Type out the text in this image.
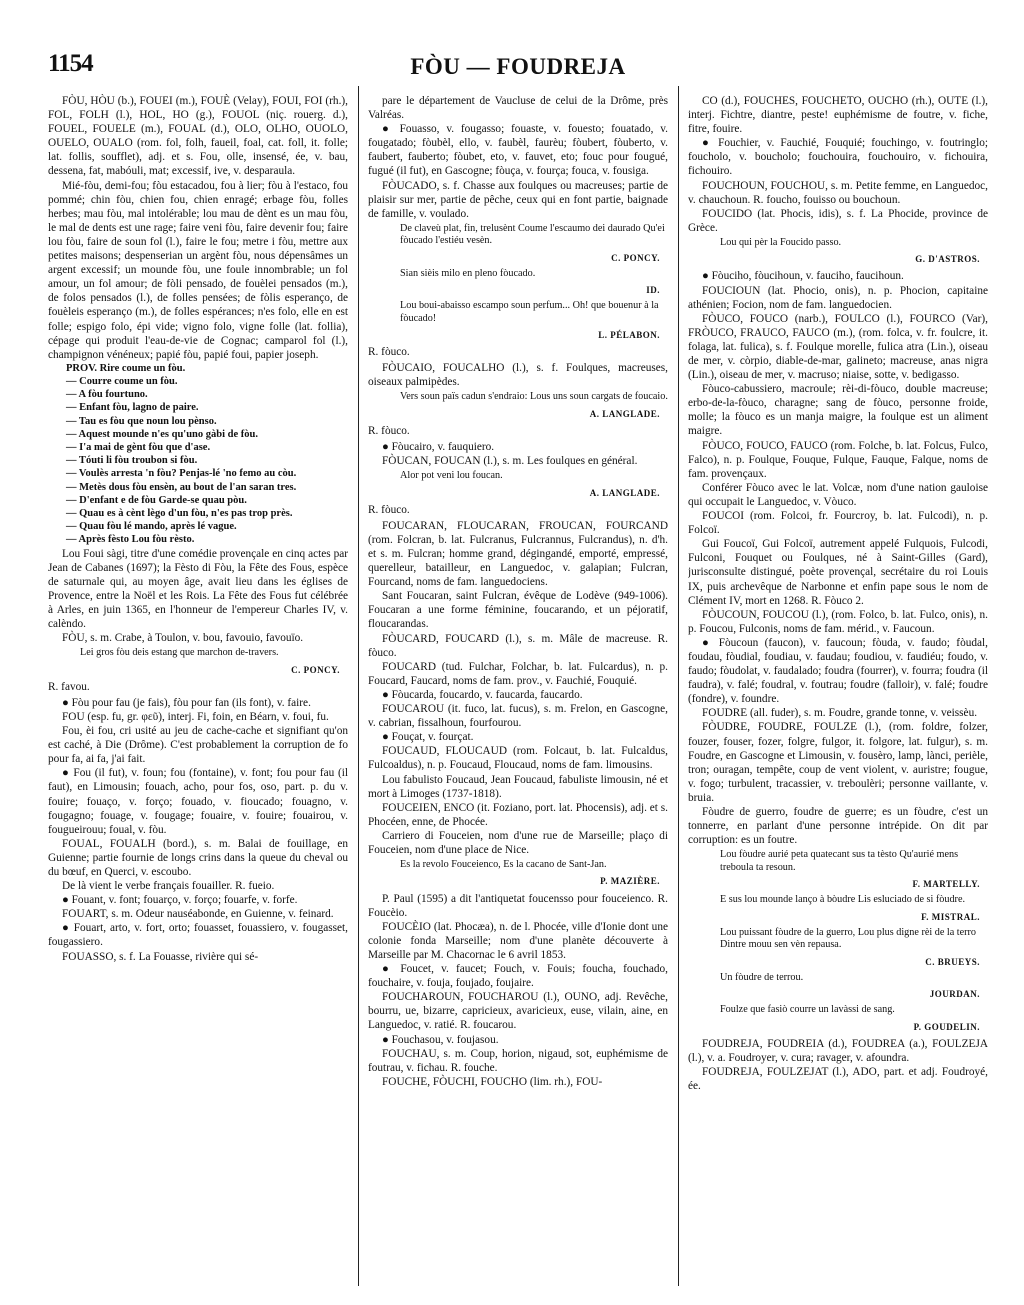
1154	FÒU — FOUDREJA

FÒU, HÒU (b.), FOUEI (m.), FOUÈ (Velay), FOUI, FOI (rh.), FOL, FOLH (l.), HOL, HO (g.), FOUOL (niç. rouerg. d.), FOUEL, FOUELE (m.), FOUAL (d.), OLO, OLHO, OUOLO, OUELO, OUALO (rom. fol, folh, faueil, foal, cat. foll, it. folle; lat. follis, soufflet), adj. et s. Fou, olle, insensé, ée, v. bau, dessena, fat, mabóuli, mat; excessif, ive, v. desparaula.

Mié-fòu, demi-fou; fòu estacadou, fou à lier; fòu à l'estaco, fou pommé; chin fòu, chien fou, chien enragé; erbage fòu, folles herbes; mau fòu, mal intolérable; lou mau de dènt es un mau fòu, le mal de dents est une rage; faire veni fòu, faire devenir fou; faire lou fòu, faire de soun fol (l.), faire le fou; metre i fòu, mettre aux petites maisons; despenserian un argènt fòu, nous dépensâmes un argent excessif; un mounde fòu, une foule innombrable; un fol amour, un fol amour; de fòli pensado, de fouèlei pensados (m.), de folos pensados (l.), de folles pensées; de fòlis esperanço, de fouèleis esperanço (m.), de folles espérances; n'es folo, elle en est folle; espigo folo, épi vide; vigno folo, vigne folle (lat. follia), cépage qui produit l'eau-de-vie de Cognac; camparol fol (l.), champignon vénéneux; papié fòu, papié foui, papier joseph.

PROV. Rire coume un fòu.

— Courre coume un fòu.

— A fòu fourtuno.

— Enfant fòu, lagno de paire.

— Tau es fòu que noun lou pènso.

— Aquest mounde n'es qu'uno gàbi de fòu.

— I'a mai de gènt fòu que d'ase.

— Tóuti li fòu troubon si fòu.

— Voulès arresta 'n fòu? Penjas-lé 'no femo au còu.

— Metès dous fòu ensèn, au bout de l'an saran tres.

— D'enfant e de fòu Garde-se quau pòu.

— Quau es à cènt lègo d'un fòu, n'es pas trop près.

— Quau fòu lé mando, après lé vague.

— Après fèsto Lou fòu rèsto.

Lou Foui sàgi, titre d'une comédie provençale en cinq actes par Jean de Cabanes (1697); la Fèsto di Fòu, la Fête des Fous, espèce de saturnale qui, au moyen âge, avait lieu dans les églises de Provence, entre la Noël et les Rois. La Fête des Fous fut célébrée à Arles, en juin 1365, en l'honneur de l'empereur Charles IV, v. calèndo.

FÒU, s. m. Crabe, à Toulon, v. bou, favouio, favouïo.

Lei gros fòu deis estang que marchon de-travers.

C. PONCY.

R. favou.

● Fòu pour fau (je fais), fòu pour fan (ils font), v. faire.

FOU (esp. fu, gr. φεῦ), interj. Fi, foin, en Béarn, v. foui, fu.

Fou, èi fou, cri usité au jeu de cache-cache et signifiant qu'on est caché, à Die (Drôme). C'est probablement la corruption de fo pour fa, ai fa, j'ai fait.

● Fou (il fut), v. foun; fou (fontaine), v. font; fou pour fau (il faut), en Limousin; fouach, acho, pour fos, oso, part. p. du v. fouire; fouaço, v. forço; fouado, v. fioucado; fouagno, v. fougagno; fouage, v. fougage; fouaire, v. fouire; fouairou, v. fougueirouu; foual, v. fòu.

FOUAL, FOUALH (bord.), s. m. Balai de fouillage, en Guienne; partie fournie de longs crins dans la queue du cheval ou du bœuf, en Querci, v. escoubo.

De là vient le verbe français fouailler. R. fueio.

● Fouant, v. font; fouarço, v. forço; fouarfe, v. forfe.

FOUART, s. m. Odeur nauséabonde, en Guienne, v. feinard.

● Fouart, arto, v. fort, orto; fouasset, fouassiero, v. fougasset, fougassiero.

FOUASSO, s. f. La Fouasse, rivière qui sé-

pare le département de Vaucluse de celui de la Drôme, près Valréas.

● Fouasso, v. fougasso; fouaste, v. fouesto; fouatado, v. fougatado; fòubèl, ello, v. faubèl, faurèu; fòubert, fòuberto, v. faubert, fauberto; fòubet, eto, v. fauvet, eto; fouc pour fougué, fugué (il fut), en Gascogne; fòuça, v. fourça; fouca, v. fousiga.

FÒUCADO, s. f. Chasse aux foulques ou macreuses; partie de plaisir sur mer, partie de pêche, ceux qui en font partie, baignade de famille, v. voulado.

De claveù plat, fin, trelusènt Coume l'escaumo dei daurado Qu'ei fòucado l'estiéu vesèn.

C. PONCY.

Sian sièis milo en pleno fòucado.

ID.

Lou boui-abaisso escampo soun perfum... Oh! que bouenur à la fòucado!

L. PÉLABON.

R. fòuco.

FÒUCAIO, FOUCALHO (l.), s. f. Foulques, macreuses, oiseaux palmipèdes.

Vers soun païs cadun s'endraio: Lous uns soun cargats de foucaio.

A. LANGLADE.

R. fòuco.

● Fòucairo, v. fauquiero.

FÒUCAN, FOUCAN (l.), s. m. Les foulques en général.

Alor pot veni lou foucan.

A. LANGLADE.

R. fòuco.

FOUCARAN, FLOUCARAN, FROUCAN, FOURCAND (rom. Folcran, b. lat. Fulcranus, Fulcrannus, Fulcrandus), n. d'h. et s. m. Fulcran; homme grand, dégingandé, emporté, empressé, querelleur, batailleur, en Languedoc, v. galapian; Fulcran, Fourcand, noms de fam. languedociens.

Sant Foucaran, saint Fulcran, évêque de Lodève (949-1006). Foucaran a une forme féminine, foucarando, et un péjoratif, floucarandas.

FÒUCARD, FOUCARD (l.), s. m. Mâle de macreuse. R. fòuco.

FOUCARD (tud. Fulchar, Folchar, b. lat. Fulcardus), n. p. Foucard, Faucard, noms de fam. prov., v. Fauchié, Fouquié.

● Fòucarda, foucardo, v. faucarda, faucardo.

FOUCAROU (it. fuco, lat. fucus), s. m. Frelon, en Gascogne, v. cabrian, fissalhoun, fourfourou.

● Fouçat, v. fourçat.

FOUCAUD, FLOUCAUD (rom. Folcaut, b. lat. Fulcaldus, Fulcoaldus), n. p. Foucaud, Floucaud, noms de fam. limousins.

Lou fabulisto Foucaud, Jean Foucaud, fabuliste limousin, né et mort à Limoges (1737-1818).

FOUCEIEN, ENCO (it. Foziano, port. lat. Phocensis), adj. et s. Phocéen, enne, de Phocée.

Carriero di Fouceien, nom d'une rue de Marseille; plaço di Fouceien, nom d'une place de Nice.

Es la revolo Fouceienco, Es la cacano de Sant-Jan.

P. MAZIÈRE.

P. Paul (1595) a dit l'antiquetat foucensso pour fouceienco. R. Foucèio.

FOUCÈIO (lat. Phocæa), n. de l. Phocée, ville d'Ionie dont une colonie fonda Marseille; nom d'une planète découverte à Marseille par M. Chacornac le 6 avril 1853.

● Foucet, v. faucet; Fouch, v. Fouis; foucha, fouchado, fouchaire, v. fouja, foujado, foujaire.

FOUCHAROUN, FOUCHAROU (l.), OUNO, adj. Revêche, bourru, ue, bizarre, capricieux, avaricieux, euse, vilain, aine, en Languedoc, v. ratié. R. foucarou.

● Fouchasou, v. foujasou.

FOUCHAU, s. m. Coup, horion, nigaud, sot, euphémisme de foutrau, v. fichau. R. fouche.

FOUCHE, FÒUCHI, FOUCHO (lim. rh.), FOU-

CO (d.), FOUCHES, FOUCHETO, OUCHO (rh.), OUTE (l.), interj. Fichtre, diantre, peste! euphémisme de foutre, v. fiche, fitre, fouire.

● Fouchier, v. Fauchié, Fouquié; fouchingo, v. foutringlo; foucholo, v. boucholo; fouchouira, fouchouiro, v. fichouira, fichouiro.

FOUCHOUN, FOUCHOU, s. m. Petite femme, en Languedoc, v. chauchoun. R. foucho, fouisso ou bouchoun.

FOUCIDO (lat. Phocis, idis), s. f. La Phocide, province de Grèce.

Lou qui pèr la Foucido passo.

G. D'ASTROS.

● Fòuciho, fòucihoun, v. fauciho, faucihoun.

FOUCIOUN (lat. Phocio, onis), n. p. Phocion, capitaine athénien; Focion, nom de fam. languedocien.

FÒUCO, FOUCO (narb.), FOULCO (l.), FOURCO (Var), FRÒUCO, FRAUCO, FAUCO (m.), (rom. folca, v. fr. foulcre, it. folaga, lat. fulica), s. f. Foulque morelle, fulica atra (Lin.), oiseau de mer, v. còrpio, diable-de-mar, galineto; macreuse, anas nigra (Lin.), oiseau de mer, v. macruso; niaise, sotte, v. bedigasso.

Fòuco-cabussiero, macroule; rèi-di-fòuco, double macreuse; erbo-de-la-fòuco, charagne; sang de fòuco, personne froide, molle; la fòuco es un manja maigre, la foulque est un aliment maigre.

FÒUCO, FOUCO, FAUCO (rom. Folche, b. lat. Folcus, Fulco, Falco), n. p. Foulque, Fouque, Fulque, Fauque, Falque, noms de fam. provençaux.

Conférer Fòuco avec le lat. Volcæ, nom d'une nation gauloise qui occupait le Languedoc, v. Vòuco.

FOUCOI (rom. Folcoi, fr. Fourcroy, b. lat. Fulcodi), n. p. Folcoï.

Gui Foucoï, Gui Folcoï, autrement appelé Fulquois, Fulcodi, Fulconi, Fouquet ou Foulques, né à Saint-Gilles (Gard), jurisconsulte distingué, poète provençal, secrétaire du roi Louis IX, puis archevêque de Narbonne et enfin pape sous le nom de Clément IV, mort en 1268. R. Fòuco 2.

FÒUCOUN, FOUCOU (l.), (rom. Folco, b. lat. Fulco, onis), n. p. Foucou, Fulconis, noms de fam. mérid., v. Faucoun.

● Fòucoun (faucon), v. faucoun; fòuda, v. faudo; fòudal, foudau, fòudial, foudiau, v. faudau; foudiou, v. faudiéu; foudo, v. faudo; fòudolat, v. faudalado; foudra (fourrer), v. fourra; foudra (il faudra), v. falé; foudral, v. foutrau; foudre (falloir), v. falé; foudre (fondre), v. foundre.

FOUDRE (all. fuder), s. m. Foudre, grande tonne, v. veissèu.

FÒUDRE, FOUDRE, FOULZE (l.), (rom. foldre, folzer, fouzer, fouser, fozer, folgre, fulgor, it. folgore, lat. fulgur), s. m. Foudre, en Gascogne et Limousin, v. fousèro, lamp, lànci, perièle, tron; ouragan, tempête, coup de vent violent, v. auristre; fougue, v. fogo; turbulent, tracassier, v. treboulèri; personne vaillante, v. bruia.

Fòudre de guerro, foudre de guerre; es un fòudre, c'est un tonnerre, en parlant d'une personne intrépide. On dit par corruption: es un foutre.

Lou fòudre aurié peta quatecant sus ta tèsto Qu'aurié mens treboula ta resoun.

F. MARTELLY.

E sus lou mounde lanço à bòudre Lis esluciado de si fòudre.

F. MISTRAL.

Lou puissant fòudre de la guerro, Lou plus digne rèi de la terro Dintre mouu sen vèn repausa.

C. BRUEYS.

Un fòudre de terrou.

JOURDAN.

Foulze que fasiò courre un lavàssi de sang.

P. GOUDELIN.

FOUDREJA, FOUDREIA (d.), FOUDREA (a.), FOULZEJA (l.), v. a. Foudroyer, v. cura; ravager, v. afoundra.

FOUDREJA, FOULZEJAT (l.), ADO, part. et adj. Foudroyé, ée.
